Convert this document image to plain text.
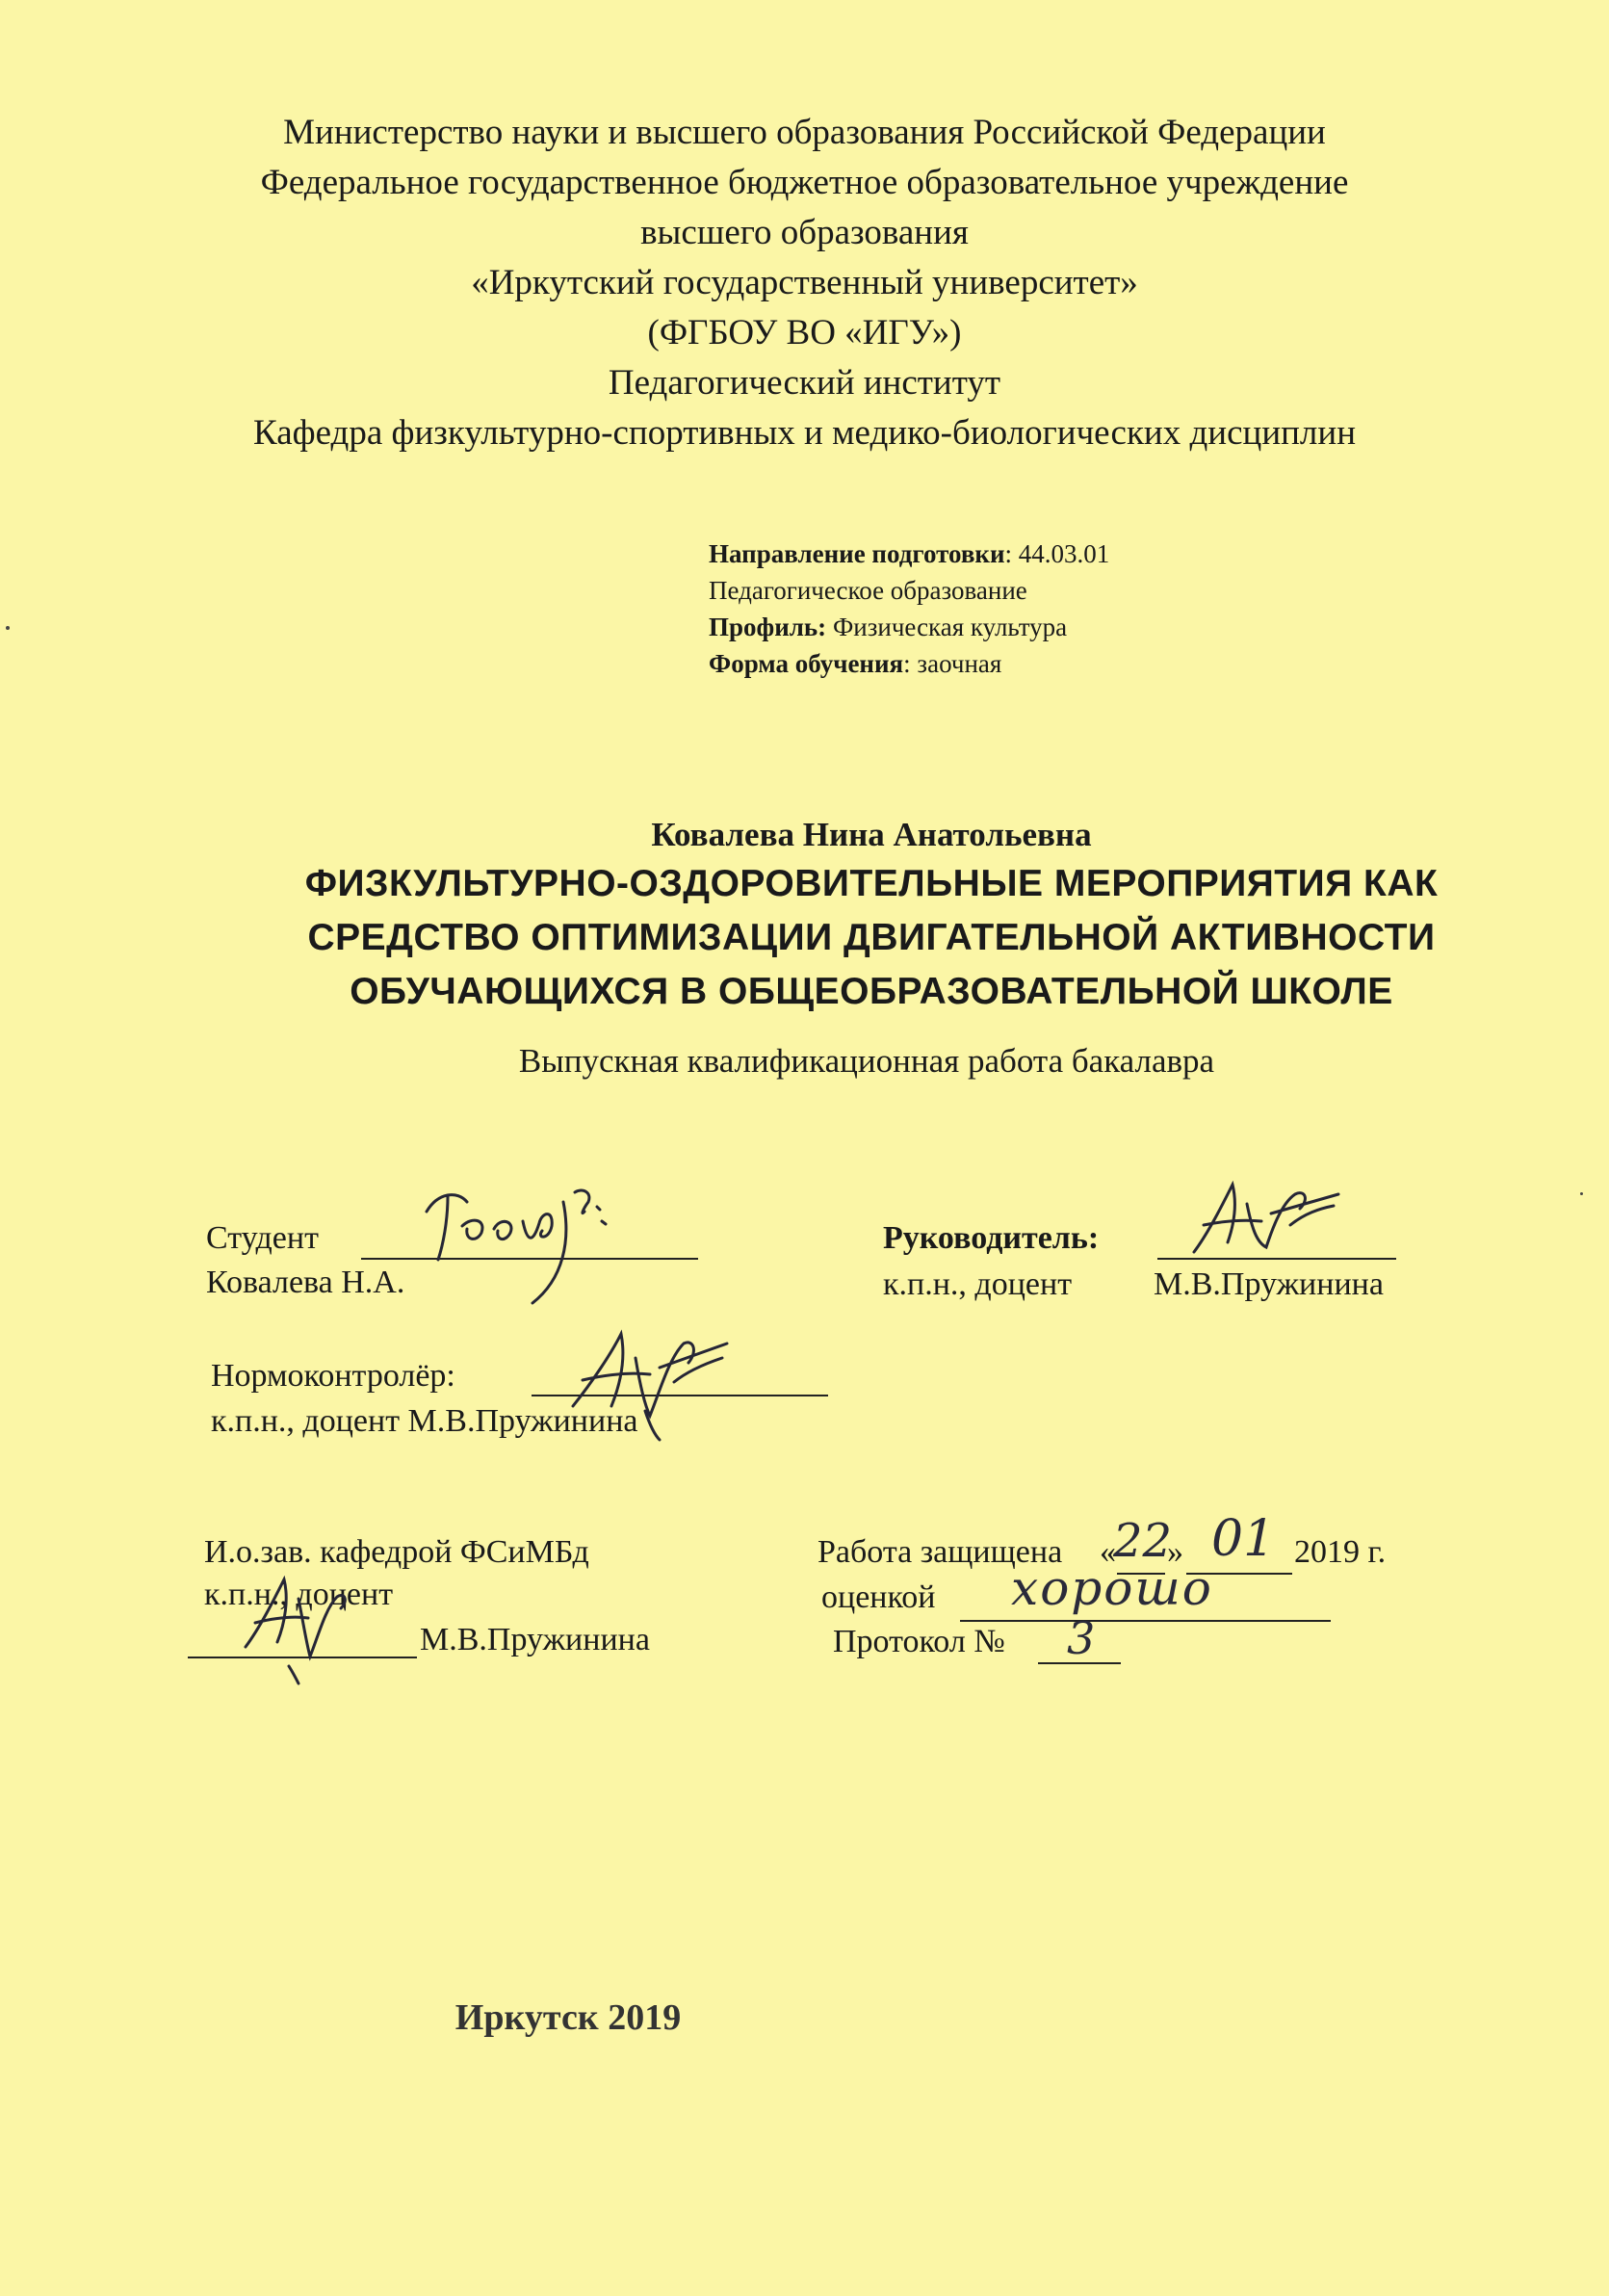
Министерство науки и высшего образования Российской Федерации
Федеральное государственное бюджетное образовательное учреждение
высшего образования
«Иркутский государственный университет»
(ФГБОУ ВО «ИГУ»)
Педагогический институт
Кафедра физкультурно-спортивных и медико-биологических дисциплин
Направление подготовки: 44.03.01
Педагогическое образование
Профиль: Физическая культура
Форма обучения: заочная
Ковалева Нина Анатольевна
ФИЗКУЛЬТУРНО-ОЗДОРОВИТЕЛЬНЫЕ МЕРОПРИЯТИЯ КАК
СРЕДСТВО ОПТИМИЗАЦИИ ДВИГАТЕЛЬНОЙ АКТИВНОСТИ
ОБУЧАЮЩИХСЯ В ОБЩЕОБРАЗОВАТЕЛЬНОЙ ШКОЛЕ
Выпускная квалификационная работа бакалавра
Студент
Ковалева Н.А.
Руководитель:
к.п.н., доцент М.В.Пружинина
Нормоконтролёр:
к.п.н., доцент М.В.Пружинина
И.о.зав. кафедрой ФСиМБд
к.п.н., доцент
М.В.Пружинина
Работа защищена «
22
» 01 2019 г.
оценкой хорошо
Протокол № 3
Иркутск 2019
